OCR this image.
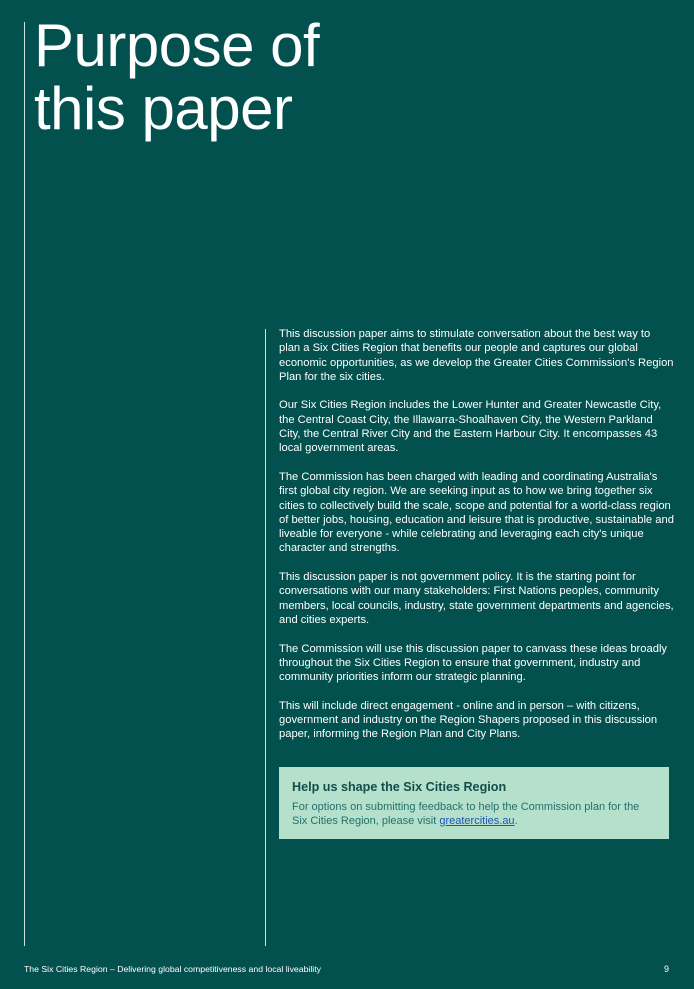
Purpose of
this paper

This discussion paper aims to stimulate conversation about the best way to plan a Six Cities Region that benefits our people and captures our global economic opportunities, as we develop the Greater Cities Commission's Region Plan for the six cities.

Our Six Cities Region includes the Lower Hunter and Greater Newcastle City, the Central Coast City, the Illawarra-Shoalhaven City, the Western Parkland City, the Central River City and the Eastern Harbour City. It encompasses 43 local government areas.

The Commission has been charged with leading and coordinating Australia's first global city region. We are seeking input as to how we bring together six cities to collectively build the scale, scope and potential for a world-class region of better jobs, housing, education and leisure that is productive, sustainable and liveable for everyone - while celebrating and leveraging each city's unique character and strengths.

This discussion paper is not government policy. It is the starting point for conversations with our many stakeholders: First Nations peoples, community members, local councils, industry, state government departments and agencies, and cities experts.

The Commission will use this discussion paper to canvass these ideas broadly throughout the Six Cities Region to ensure that government, industry and community priorities inform our strategic planning.

This will include direct engagement - online and in person – with citizens, government and industry on the Region Shapers proposed in this discussion paper, informing the Region Plan and City Plans.

Help us shape the Six Cities Region

For options on submitting feedback to help the Commission plan for the Six Cities Region, please visit greatercities.au.

The Six Cities Region – Delivering global competitiveness and local liveability	9
